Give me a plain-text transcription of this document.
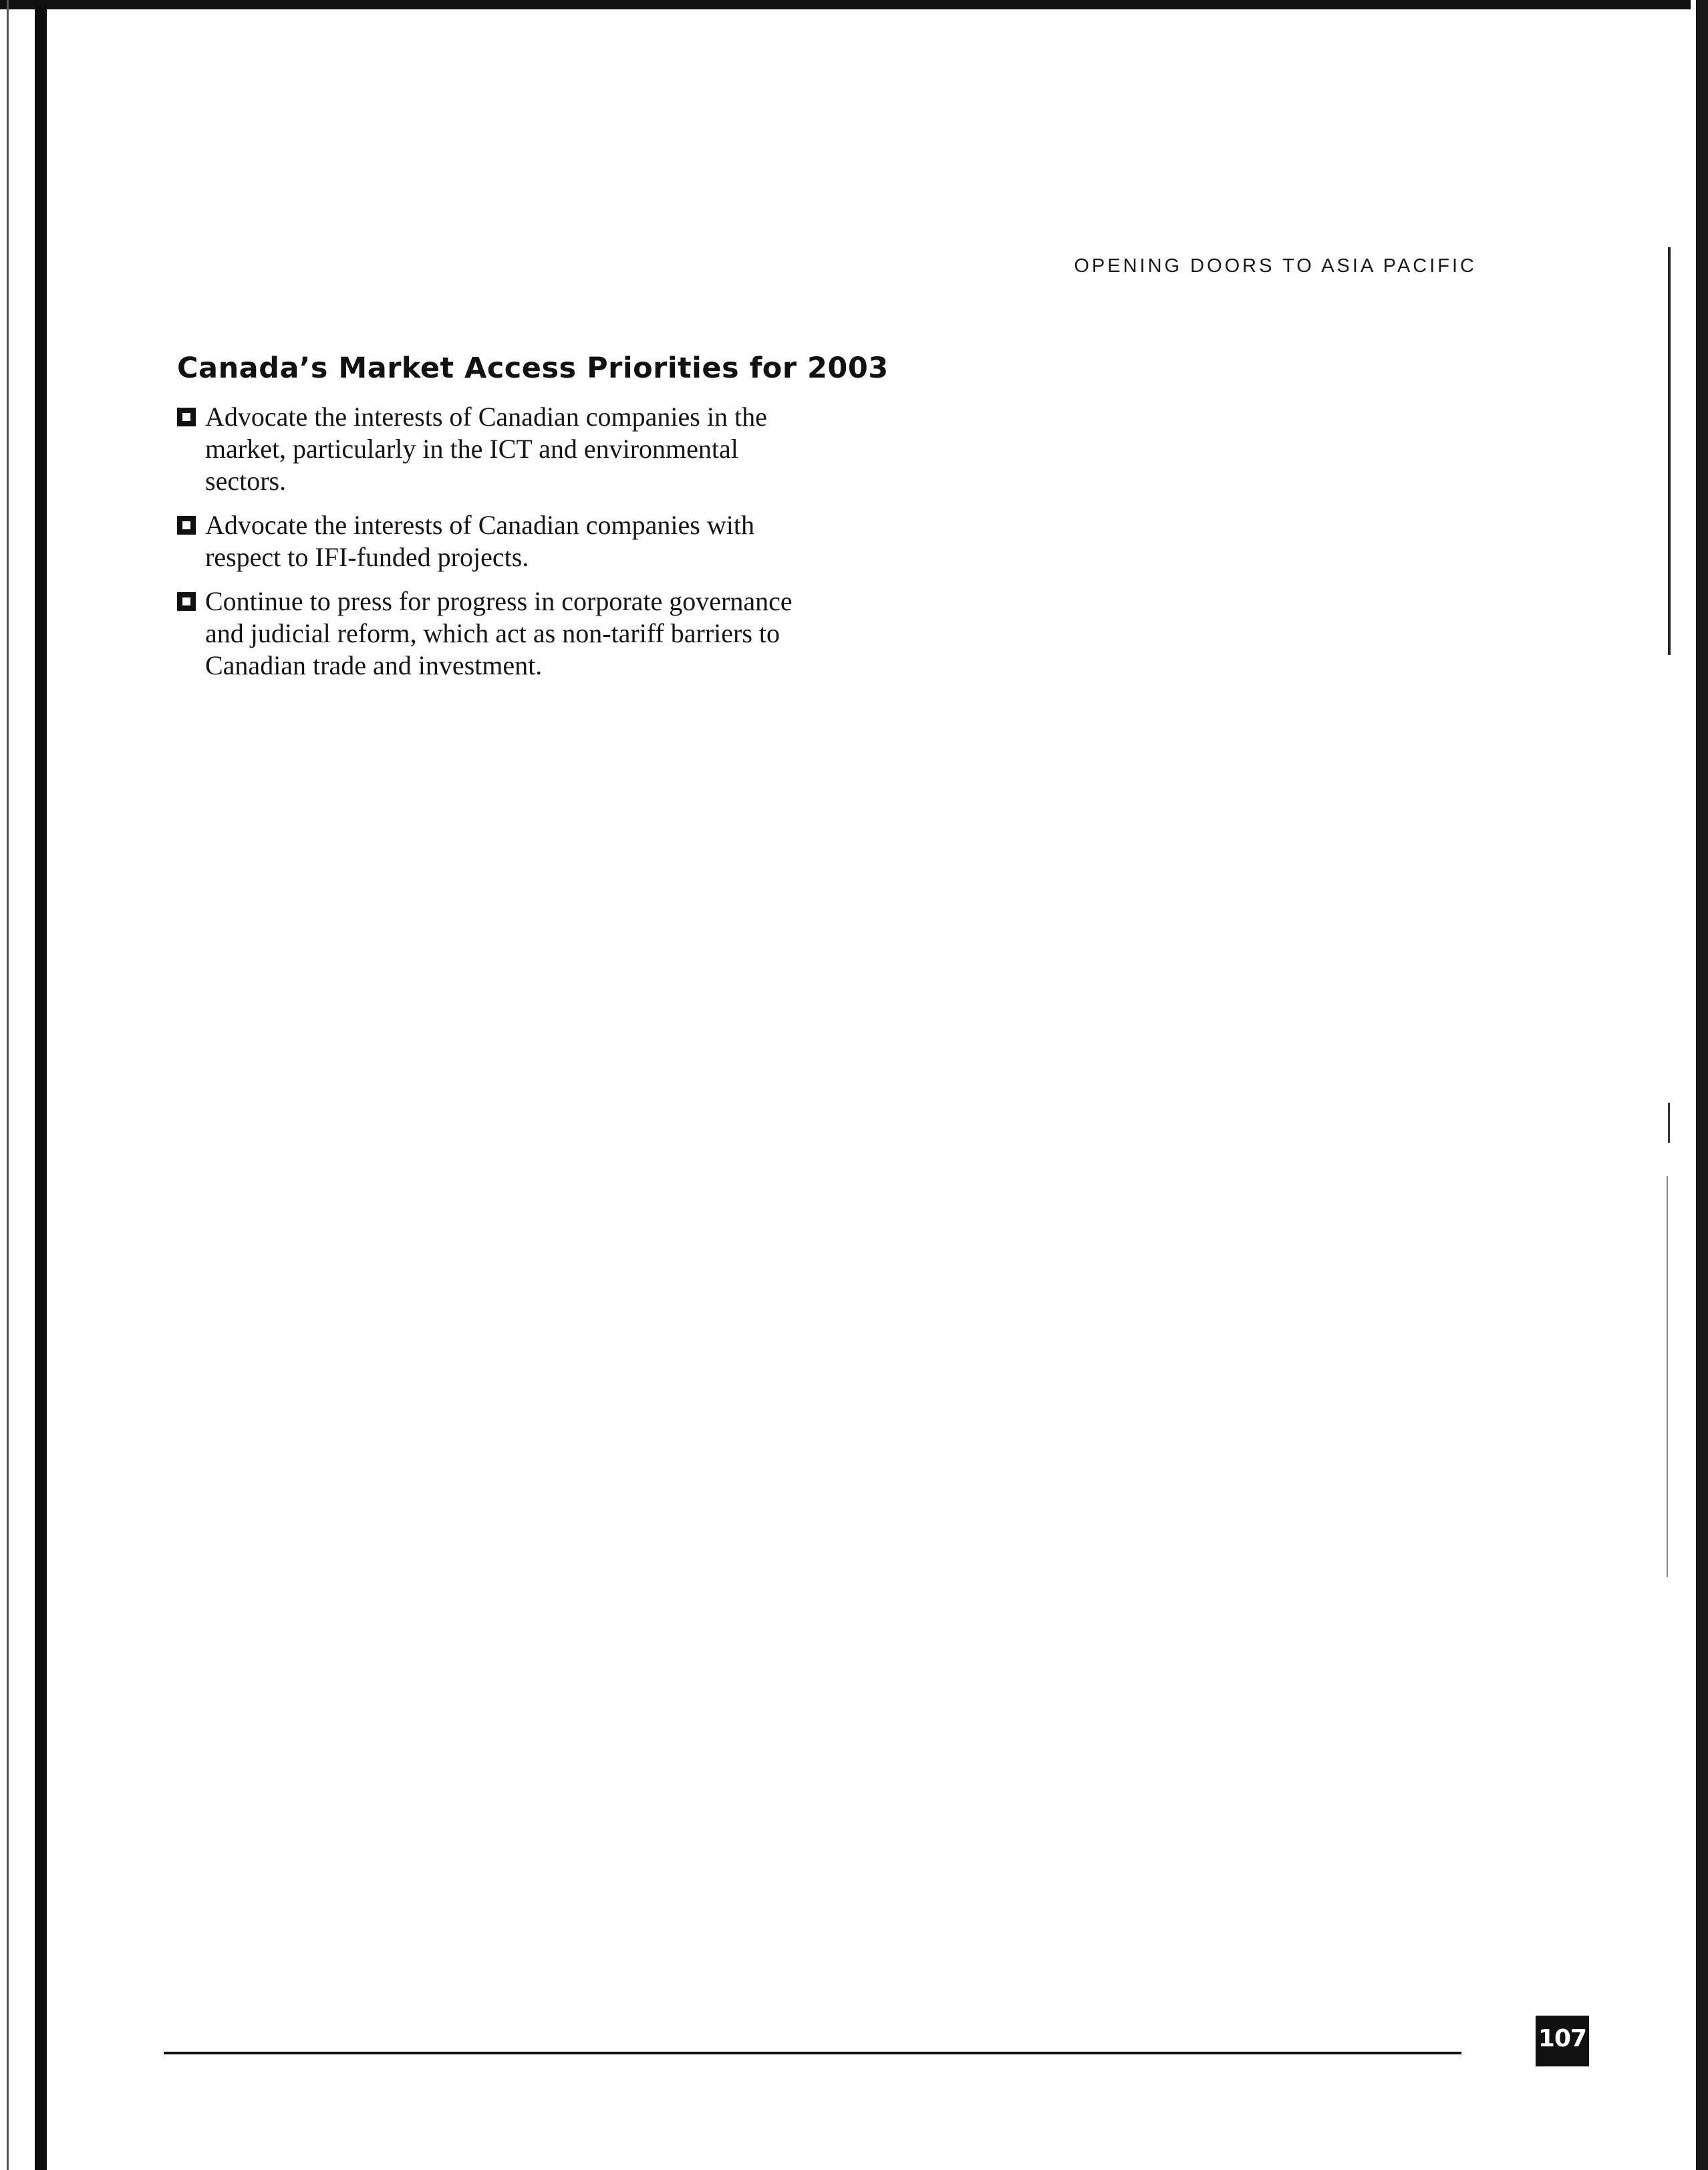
OPENING DOORS TO ASIA PACIFIC
Canada’s Market Access Priorities for 2003
Advocate the interests of Canadian companies in the market, particularly in the ICT and environmental sectors.
Advocate the interests of Canadian companies with respect to IFI-funded projects.
Continue to press for progress in corporate governance and judicial reform, which act as non-tariff barriers to Canadian trade and investment.
107
